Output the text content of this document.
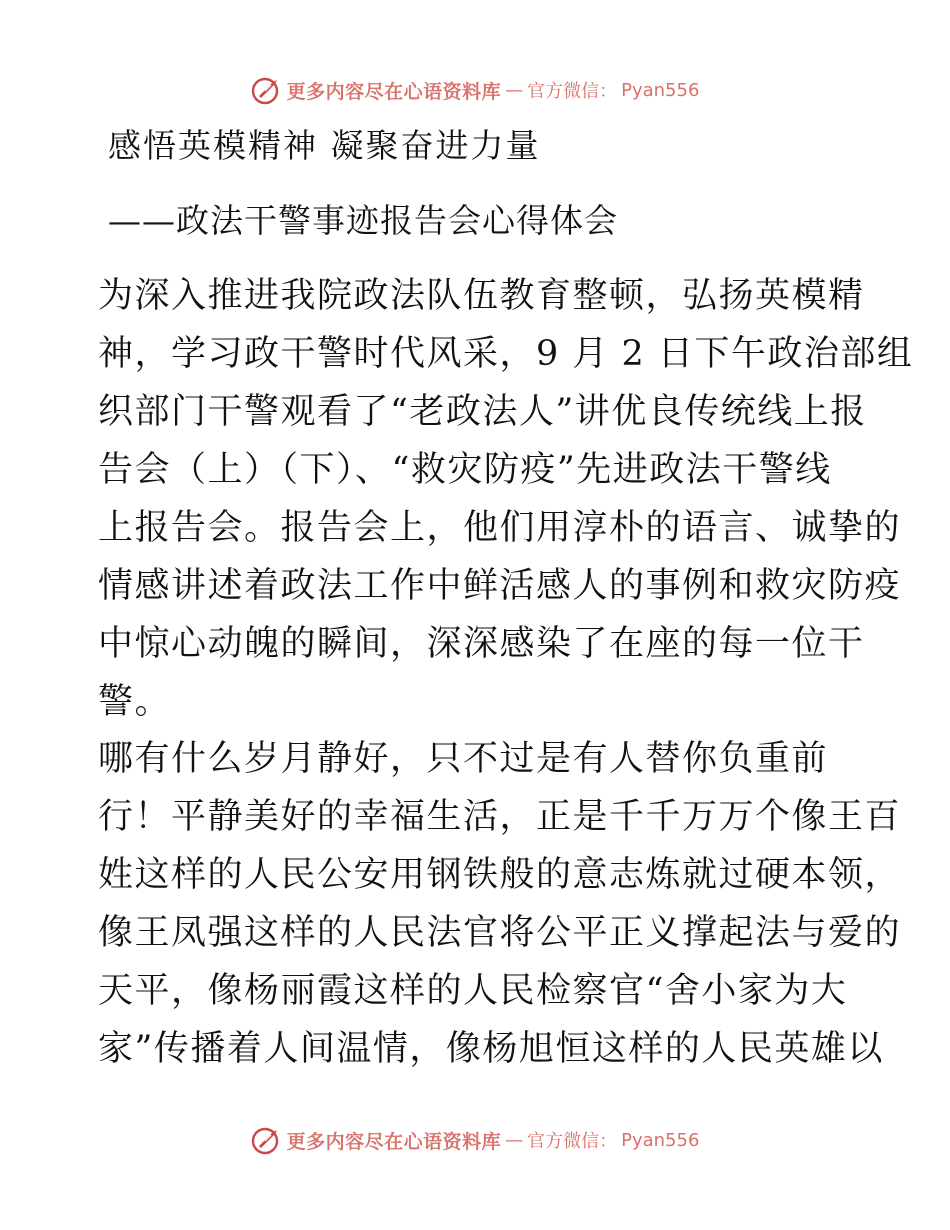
更多内容尽在心语资料库 — 官方微信： Pyan556
感悟英模精神 凝聚奋进力量
——政法干警事迹报告会心得体会
为深入推进我院政法队伍教育整顿，弘扬英模精
神，学习政干警时代风采，9 月 2 日下午政治部组
织部门干警观看了“老政法人”讲优良传统线上报
告会（上）（下）、“救灾防疫”先进政法干警线
上报告会。报告会上，他们用淳朴的语言、诚挚的
情感讲述着政法工作中鲜活感人的事例和救灾防疫
中惊心动魄的瞬间，深深感染了在座的每一位干
警。
哪有什么岁月静好，只不过是有人替你负重前
行！平静美好的幸福生活，正是千千万万个像王百
姓这样的人民公安用钢铁般的意志炼就过硬本领，
像王凤强这样的人民法官将公平正义撑起法与爱的
天平，像杨丽霞这样的人民检察官“舍小家为大
家”传播着人间温情，像杨旭恒这样的人民英雄以
更多内容尽在心语资料库 — 官方微信： Pyan556
